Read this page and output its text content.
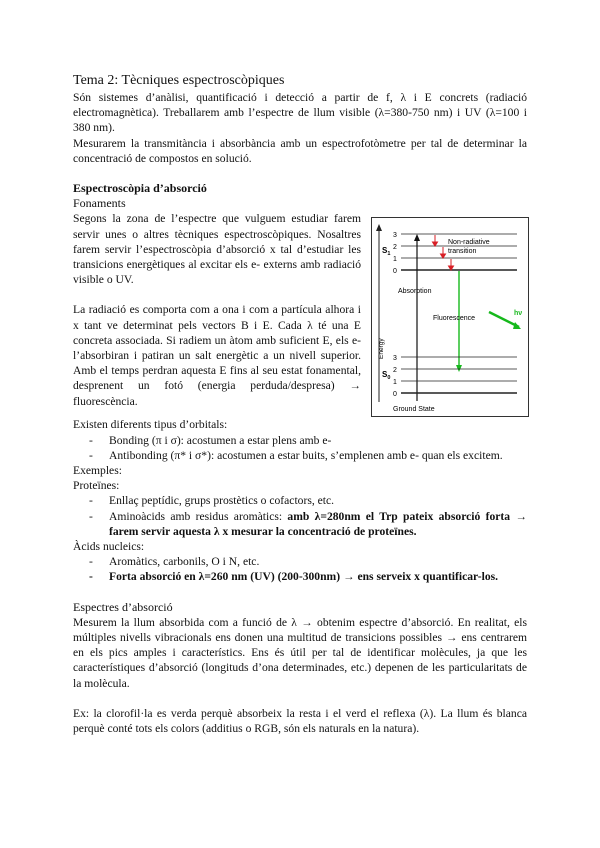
Tema 2: Tècniques espectroscòpiques

Són sistemes d’anàlisi, quantificació i detecció a partir de f, λ i E concrets (radiació electromagnètica). Treballarem amb l’espectre de llum visible (λ=380-750 nm) i UV (λ=100 i 380 nm).

Mesurarem la transmitància i absorbància amb un espectrofotòmetre per tal de determinar la concentració de compostos en solució.

Espectroscòpia d’absorció
Fonaments

Segons la zona de l’espectre que vulguem estudiar farem servir unes o altres tècniques espectroscòpiques. Nosaltres farem servir l’espectroscòpia d’absorció x tal d’estudiar les transicions energètiques al excitar els e- externs amb radiació visible o UV.

La radiació es comporta com a ona i com a partícula alhora i x tant ve determinat pels vectors B i E. Cada λ té una E concreta associada. Si radiem un àtom amb suficient E, els e- l’absorbiran i patiran un salt energètic a un nivell superior. Amb el temps perdran aquesta E fins al seu estat fonamental, desprenent un fotó (energia perduda/despresa) → fluorescència.

Energy
3
2
1
0
$S_1$
Non-radiative
transition
Absorption
Fluorescence
hν
3
2
1
0
$S_0$
Ground State

Existen diferents tipus d’orbitals:

- Bonding (π i σ): acostumen a estar plens amb e-
- Antibonding (π* i σ*): acostumen a estar buits, s’emplenen amb e- quan els excitem.

Exemples:

Proteïnes:

- Enllaç peptídic, grups prostètics o cofactors, etc.
- Aminoàcids amb residus aromàtics: amb λ=280nm el Trp pateix absorció forta → farem servir aquesta λ x mesurar la concentració de proteïnes.

Àcids nucleics:

- Aromàtics, carbonils, O i N, etc.
- Forta absorció en λ=260 nm (UV) (200-300nm) → ens serveix x quantificar-los.
Espectres d’absorció

Mesurem la llum absorbida com a funció de λ → obtenim espectre d’absorció. En realitat, els múltiples nivells vibracionals ens donen una multitud de transicions possibles → ens centrarem en els pics amples i característics. Ens és útil per tal de identificar molècules, ja que les característiques d’absorció (longituds d’ona determinades, etc.) depenen de les particularitats de la molècula.

Ex: la clorofil·la es verda perquè absorbeix la resta i el verd el reflexa (λ). La llum és blanca perquè conté tots els colors (additius o RGB, són els naturals en la natura).
